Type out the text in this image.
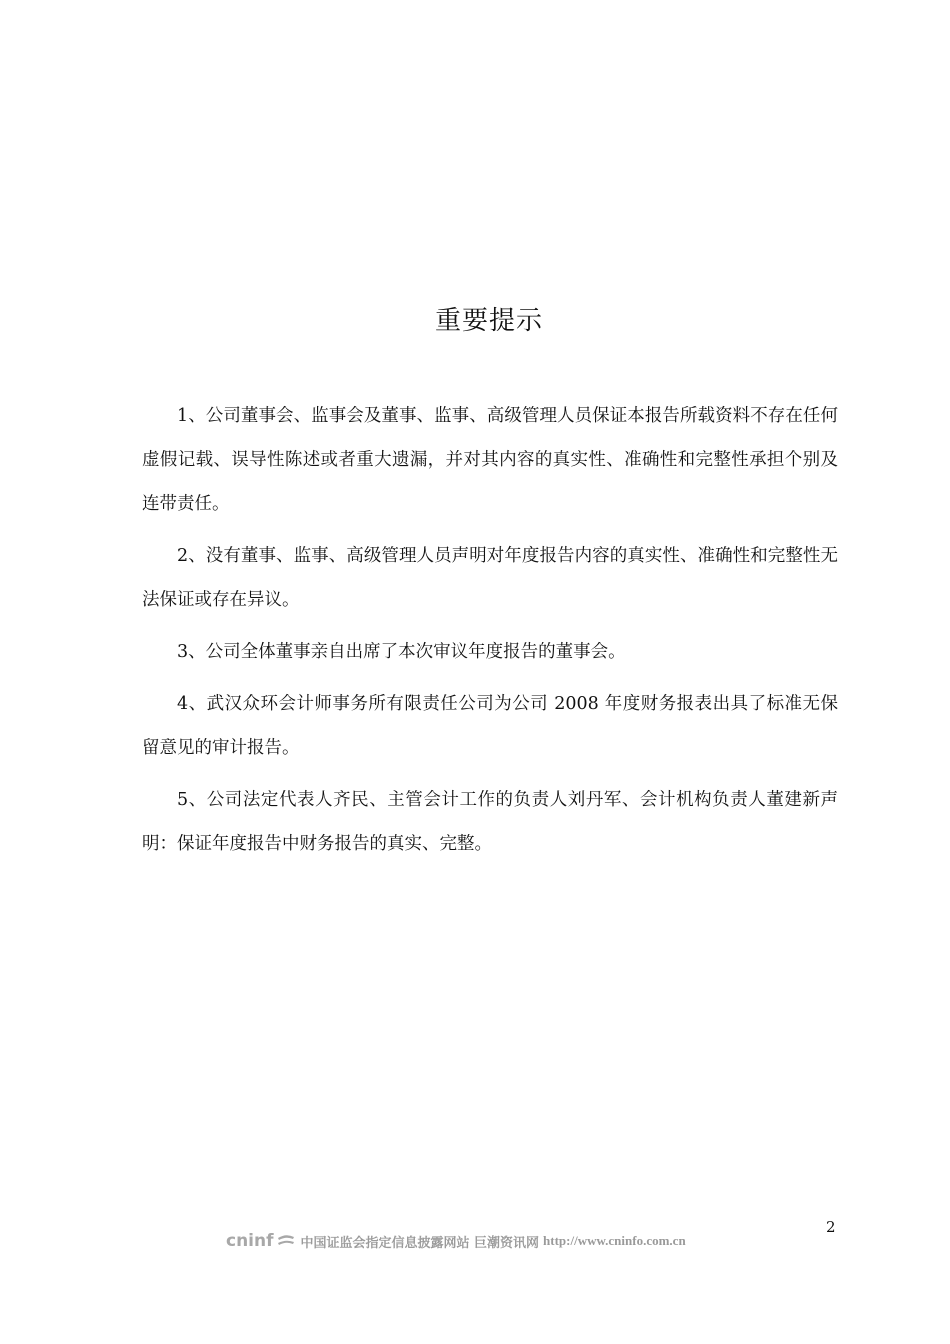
重要提示

1、公司董事会、监事会及董事、监事、高级管理人员保证本报告所载资料不存在任何虚假记载、误导性陈述或者重大遗漏，并对其内容的真实性、准确性和完整性承担个别及连带责任。

2、没有董事、监事、高级管理人员声明对年度报告内容的真实性、准确性和完整性无法保证或存在异议。

3、公司全体董事亲自出席了本次审议年度报告的董事会。

4、武汉众环会计师事务所有限责任公司为公司 2008 年度财务报表出具了标准无保留意见的审计报告。

5、公司法定代表人齐民、主管会计工作的负责人刘丹军、会计机构负责人董建新声明：保证年度报告中财务报告的真实、完整。

2
cninf 中国证监会指定信息披露网站 巨潮资讯网 http://www.cninfo.com.cn
